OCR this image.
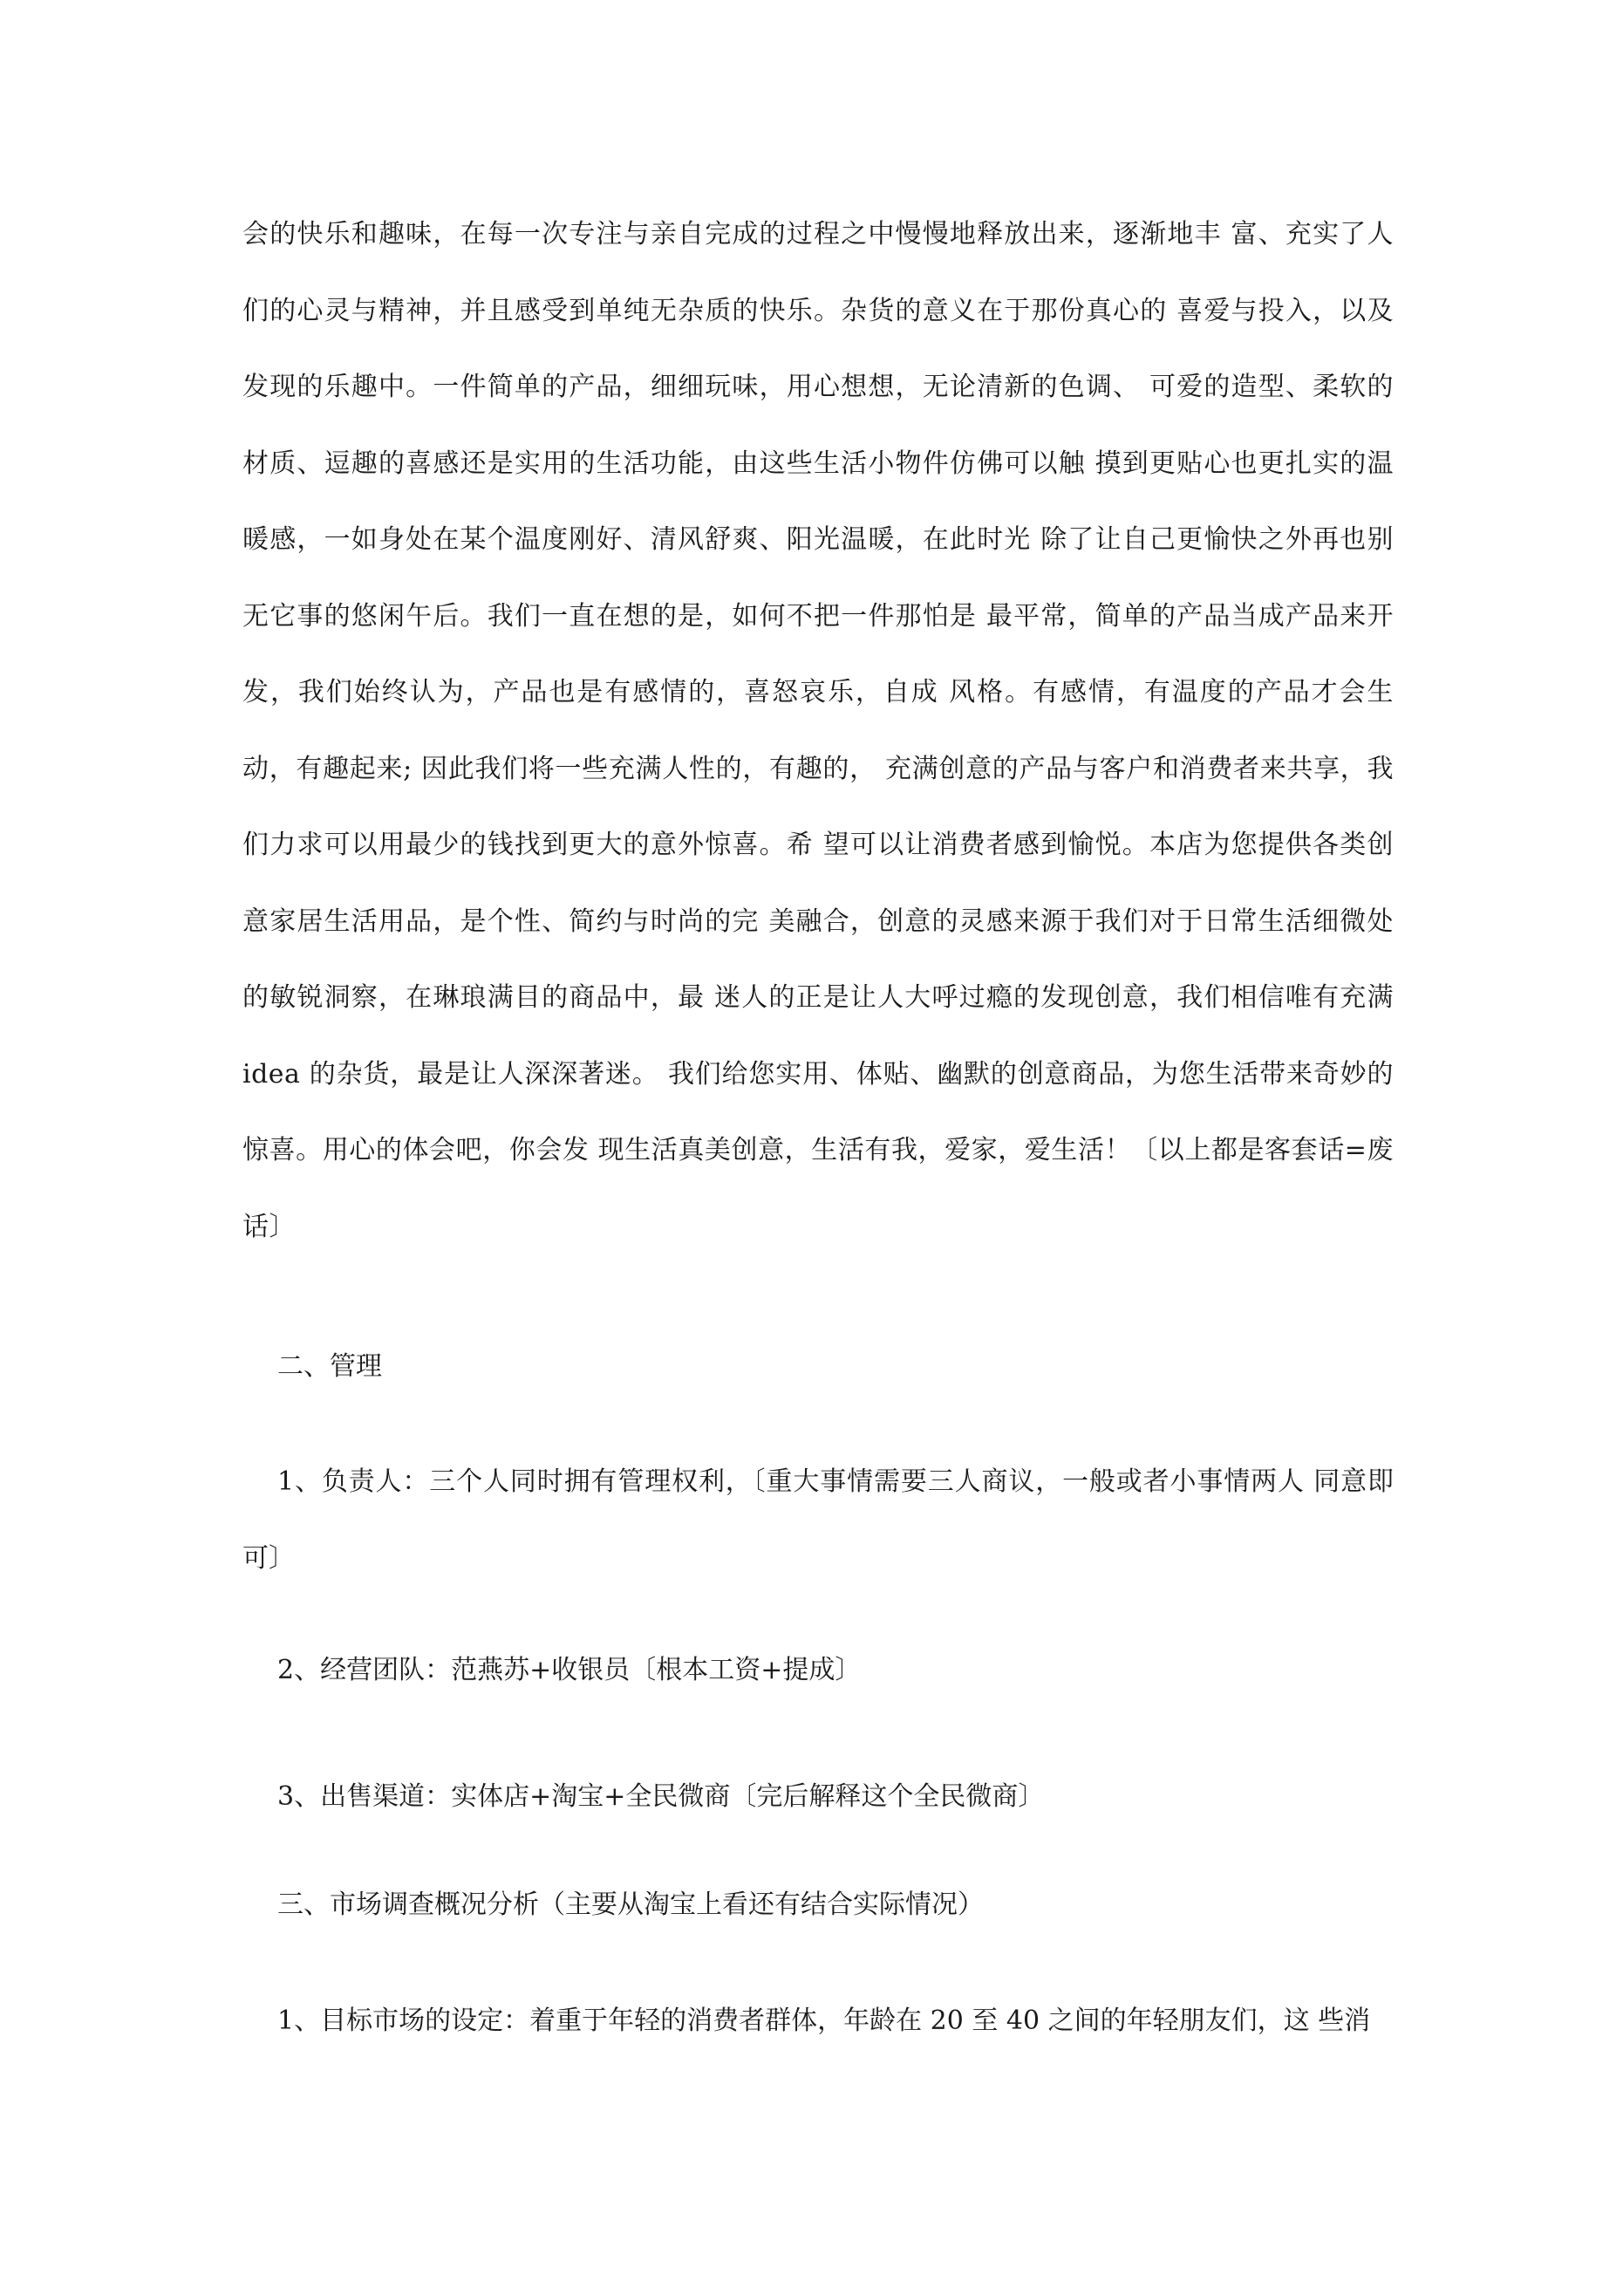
会的快乐和趣味，在每一次专注与亲自完成的过程之中慢慢地释放出来，逐渐地丰 富、充实了人们的心灵与精神，并且感受到单纯无杂质的快乐。杂货的意义在于那份真心的 喜爱与投入，以及发现的乐趣中。一件简单的产品，细细玩味，用心想想，无论清新的色调、 可爱的造型、柔软的材质、逗趣的喜感还是实用的生活功能，由这些生活小物件仿佛可以触 摸到更贴心也更扎实的温暖感，一如身处在某个温度刚好、清风舒爽、阳光温暖，在此时光 除了让自己更愉快之外再也别无它事的悠闲午后。我们一直在想的是，如何不把一件那怕是 最平常，简单的产品当成产品来开发，我们始终认为，产品也是有感情的，喜怒哀乐，自成 风格。有感情，有温度的产品才会生动，有趣起来; 因此我们将一些充满人性的，有趣的， 充满创意的产品与客户和消费者来共享，我们力求可以用最少的钱找到更大的意外惊喜。希 望可以让消费者感到愉悦。本店为您提供各类创意家居生活用品，是个性、简约与时尚的完 美融合，创意的灵感来源于我们对于日常生活细微处的敏锐洞察，在琳琅满目的商品中，最 迷人的正是让人大呼过瘾的发现创意，我们相信唯有充满 idea 的杂货，最是让人深深著迷。 我们给您实用、体贴、幽默的创意商品，为您生活带来奇妙的惊喜。用心的体会吧，你会发 现生活真美创意，生活有我，爱家，爱生活！〔以上都是客套话=废话〕

二、管理

1、负责人：三个人同时拥有管理权利，〔重大事情需要三人商议，一般或者小事情两人 同意即可〕

2、经营团队：范燕苏+收银员〔根本工资+提成〕

3、出售渠道：实体店+淘宝+全民微商〔完后解释这个全民微商〕

三、市场调查概况分析（主要从淘宝上看还有结合实际情况）

1、目标市场的设定：着重于年轻的消费者群体，年龄在 20 至 40 之间的年轻朋友们，这 些消
